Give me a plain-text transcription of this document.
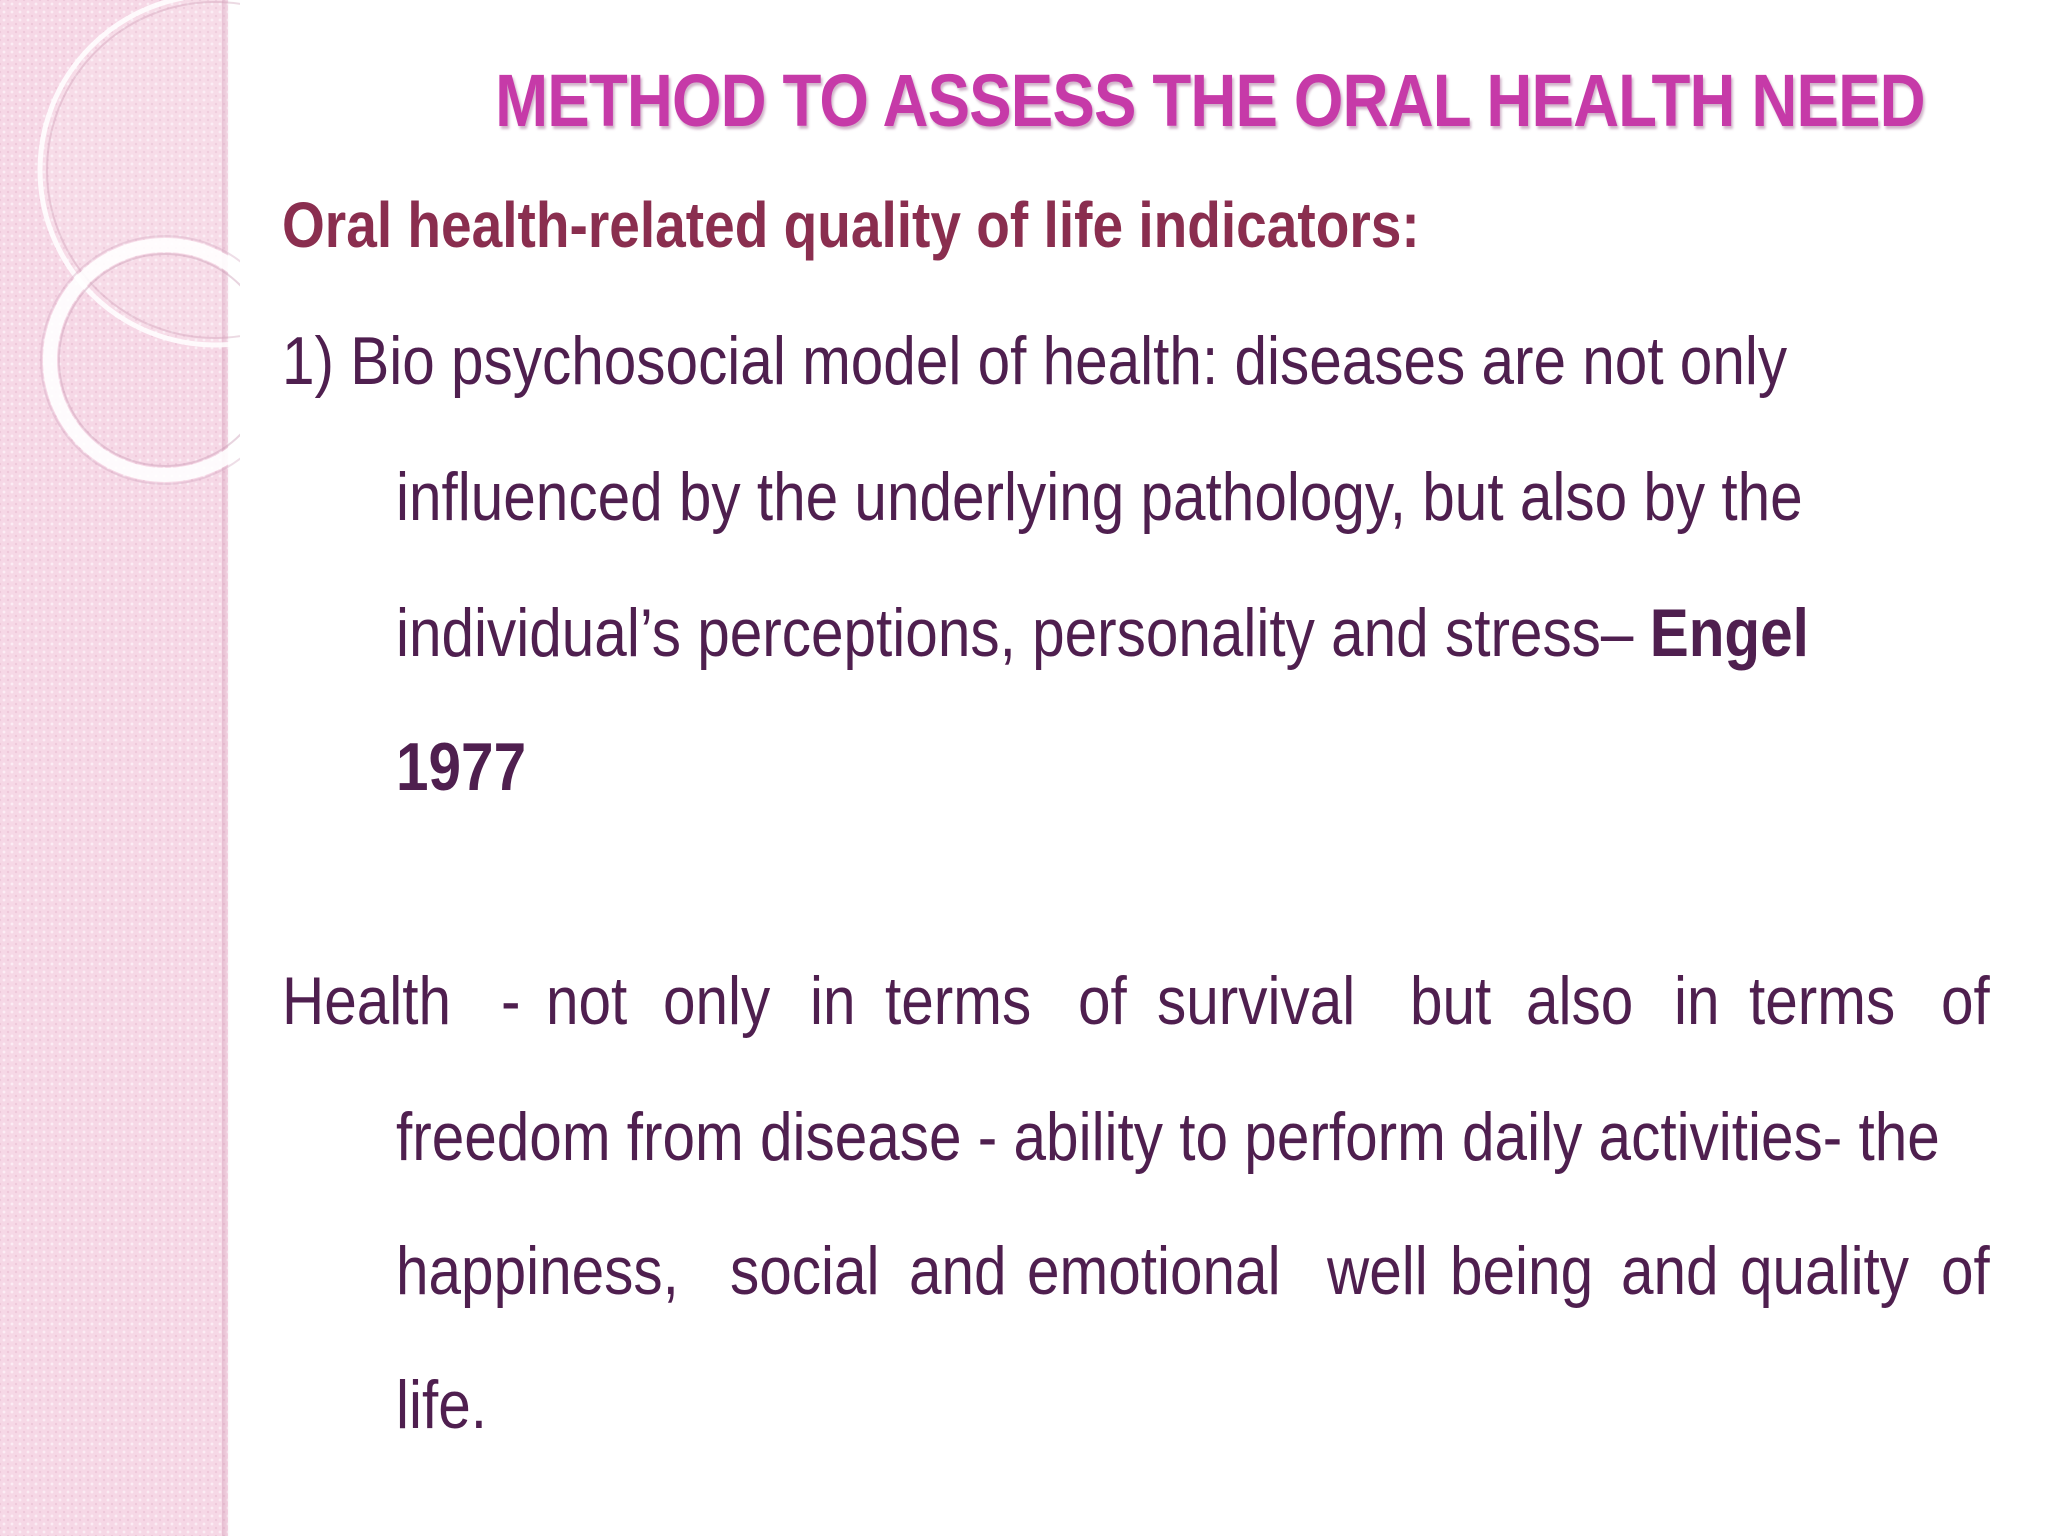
METHOD TO ASSESS THE ORAL HEALTH NEED
Oral health-related quality of life indicators:
1) Bio psychosocial model of health: diseases are not only
influenced by the underlying pathology, but also by the
individual’s perceptions, personality and stress– Engel
1977
Health - not only in terms of survival but also in terms of
freedom from disease - ability to perform daily activities- the
happiness, social and emotional well being and quality of
life.
